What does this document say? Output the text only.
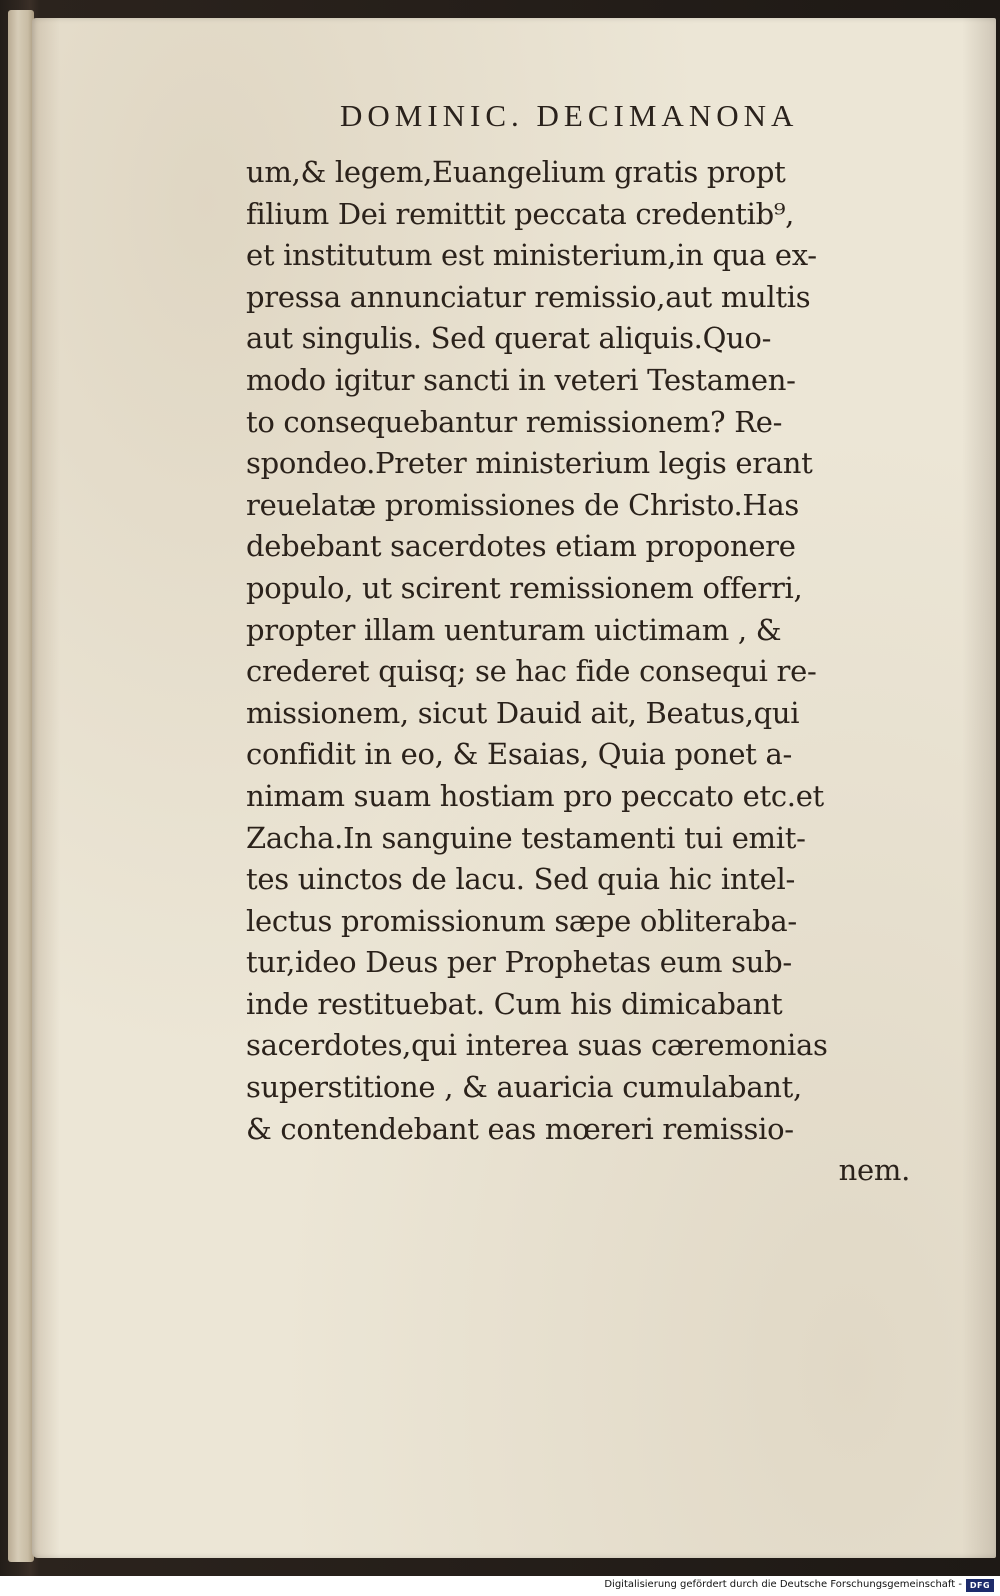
DOMINIC. DECIMANONA
um,& legem,Euangelium gratis propt
filium Dei remittit peccata credentib⁹,
et institutum est ministerium,in qua ex-
pressa annunciatur remissio,aut multis
aut singulis. Sed querat aliquis.Quo-
modo igitur sancti in veteri Testamen-
to consequebantur remissionem? Re-
spondeo.Preter ministerium legis erant
reuelatæ promissiones de Christo.Has
debebant sacerdotes etiam proponere
populo, ut scirent remissionem offerri,
propter illam uenturam uictimam , &
crederet quisq; se hac fide consequi re-
missionem, sicut Dauid ait, Beatus,qui
confidit in eo, & Esaias, Quia ponet a-
nimam suam hostiam pro peccato etc.et
Zacha.In sanguine testamenti tui emit-
tes uinctos de lacu. Sed quia hic intel-
lectus promissionum sæpe obliteraba-
tur,ideo Deus per Prophetas eum sub-
inde restituebat. Cum his dimicabant
sacerdotes,qui interea suas cæremonias
superstitione , & auaricia cumulabant,
& contendebant eas mœreri remissio-
nem.
Digitalisierung gefördert durch die Deutsche Forschungsgemeinschaft - DFG
